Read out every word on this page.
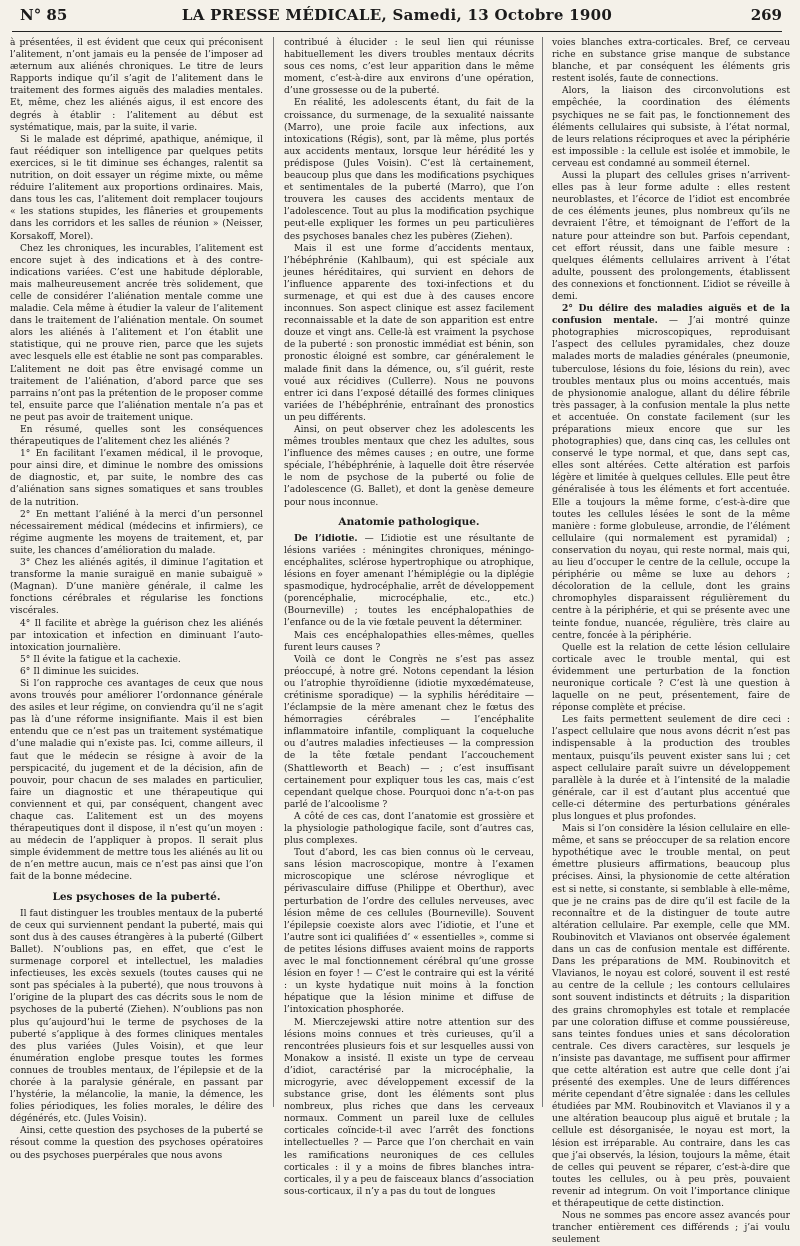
N° 85	LA PRESSE MÉDICALE, Samedi, 13 Octobre 1900	269

à présentées, il est évident que ceux qui préconisent l’alitement, n’ont jamais eu la pensée de l’imposer ad æternum aux aliénés chroniques. Le titre de leurs Rapports indique qu’il s’agit de l’alitement dans le traitement des formes aiguës des maladies mentales. Et, même, chez les aliénés aigus, il est encore des degrés à établir : l’alitement au début est systématique, mais, par la suite, il varie.

Si le malade est déprimé, apathique, anémique, il faut réédiquer son intelligence par quelques petits exercices, si le tit diminue ses échanges, ralentit sa nutrition, on doit essayer un régime mixte, ou même réduire l’alitement aux proportions ordinaires. Mais, dans tous les cas, l’alitement doit remplacer toujours « les stations stupides, les flâneries et groupements dans les corridors et les salles de réunion » (Neisser, Korsakoff, Morel).

Chez les chroniques, les incurables, l’alitement est encore sujet à des indications et à des contre-indications variées. C’est une habitude déplorable, mais malheureusement ancrée très solidement, que celle de considérer l’aliénation mentale comme une maladie. Cela même à étudier la valeur de l’alitement dans le traitement de l’aliénation mentale. On soumet alors les aliénés à l’alitement et l’on établit une statistique, qui ne prouve rien, parce que les sujets avec lesquels elle est établie ne sont pas comparables. L’alitement ne doit pas être envisagé comme un traitement de l’aliénation, d’abord parce que ses parrains n’ont pas la prétention de le proposer comme tel, ensuite parce que l’aliénation mentale n’a pas et ne peut pas avoir de traitement unique.

En résumé, quelles sont les conséquences thérapeutiques de l’alitement chez les aliénés ?

1° En facilitant l’examen médical, il le provoque, pour ainsi dire, et diminue le nombre des omissions de diagnostic, et, par suite, le nombre des cas d’aliénation sans signes somatiques et sans troubles de la nutrition.

2° En mettant l’aliéné à la merci d’un personnel nécessairement médical (médecins et infirmiers), ce régime augmente les moyens de traitement, et, par suite, les chances d’amélioration du malade.

3° Chez les aliénés agités, il diminue l’agitation et transforme la manie suraiguë en manie subaiguë » (Magnan). D’une manière générale, il calme les fonctions cérébrales et régularise les fonctions viscérales.

4° Il facilite et abrège la guérison chez les aliénés par intoxication et infection en diminuant l’auto-intoxication journalière.

5° Il évite la fatigue et la cachexie.

6° Il diminue les suicides.

Si l’on rapproche ces avantages de ceux que nous avons trouvés pour améliorer l’ordonnance générale des asiles et leur régime, on conviendra qu’il ne s’agit pas là d’une réforme insignifiante. Mais il est bien entendu que ce n’est pas un traitement systématique d’une maladie qui n’existe pas. Ici, comme ailleurs, il faut que le médecin se résigne à avoir de la perspicacité, du jugement et de la décision, afin de pouvoir, pour chacun de ses malades en particulier, faire un diagnostic et une thérapeutique qui conviennent et qui, par conséquent, changent avec chaque cas. L’alitement est un des moyens thérapeutiques dont il dispose, il n’est qu’un moyen : au médecin de l’appliquer à propos. Il serait plus simple évidemment de mettre tous les aliénés au lit ou de n’en mettre aucun, mais ce n’est pas ainsi que l’on fait de la bonne médecine.

Les psychoses de la puberté.

Il faut distinguer les troubles mentaux de la puberté de ceux qui surviennent pendant la puberté, mais qui sont dus à des causes étrangères à la puberté (Gilbert Ballet). N’oublions pas, en effet, que c’est le surmenage corporel et intellectuel, les maladies infectieuses, les excès sexuels (toutes causes qui ne sont pas spéciales à la puberté), que nous trouvons à l’origine de la plupart des cas décrits sous le nom de psychoses de la puberté (Ziehen). N’oublions pas non plus qu’aujourd’hui le terme de psychoses de la puberté s’applique à des formes cliniques mentales des plus variées (Jules Voisin), et que leur énumération englobe presque toutes les formes connues de troubles mentaux, de l’épilepsie et de la chorée à la paralysie générale, en passant par l’hystérie, la mélancolie, la manie, la démence, les folies périodiques, les folies morales, le délire des dégénérés, etc. (Jules Voisin).

Ainsi, cette question des psychoses de la puberté se résout comme la question des psychoses opératoires ou des psychoses puerpérales que nous avons

contribué à élucider : le seul lien qui réunisse habituellement les divers troubles mentaux décrits sous ces noms, c’est leur apparition dans le même moment, c’est-à-dire aux environs d’une opération, d’une grossesse ou de la puberté.

En réalité, les adolescents étant, du fait de la croissance, du surmenage, de la sexualité naissante (Marro), une proie facile aux infections, aux intoxications (Régis), sont, par là même, plus portés aux accidents mentaux, lorsque leur hérédité les y prédispose (Jules Voisin). C’est là certainement, beaucoup plus que dans les modifications psychiques et sentimentales de la puberté (Marro), que l’on trouvera les causes des accidents mentaux de l’adolescence. Tout au plus la modification psychique peut-elle expliquer les formes un peu particulières des psychoses banales chez les pubères (Ziehen).

Mais il est une forme d’accidents mentaux, l’hébéphrénie (Kahlbaum), qui est spéciale aux jeunes héréditaires, qui survient en dehors de l’influence apparente des toxi-infections et du surmenage, et qui est due à des causes encore inconnues. Son aspect clinique est assez facilement reconnaissable et la date de son apparition est entre douze et vingt ans. Celle-là est vraiment la psychose de la puberté : son pronostic immédiat est bénin, son pronostic éloigné est sombre, car généralement le malade finit dans la démence, ou, s’il guérit, reste voué aux récidives (Cullerre). Nous ne pouvons entrer ici dans l’exposé détaillé des formes cliniques variées de l’hébéphrénie, entraînant des pronostics un peu différents.

Ainsi, on peut observer chez les adolescents les mêmes troubles mentaux que chez les adultes, sous l’influence des mêmes causes ; en outre, une forme spéciale, l’hébéphrénie, à laquelle doit être réservée le nom de psychose de la puberté ou folie de l’adolescence (G. Ballet), et dont la genèse demeure pour nous inconnue.

Anatomie pathologique.

De l’idiotie. — L’idiotie est une résultante de lésions variées : méningites chroniques, méningo-encéphalites, sclérose hypertrophique ou atrophique, lésions en foyer amenant l’hémiplégie ou la diplégie spasmodique, hydrocéphalie, arrêt de développement (porencéphalie, microcéphalie, etc., etc.) (Bourneville) ; toutes les encéphalopathies de l’enfance ou de la vie fœtale peuvent la déterminer.

Mais ces encéphalopathies elles-mêmes, quelles furent leurs causes ?

Voilà ce dont le Congrès ne s’est pas assez préoccupé, à notre gré. Notons cependant la lésion ou l’atrophie thyroïdienne (idiotie myxœdémateuse, crétinisme sporadique) — la syphilis héréditaire — l’éclampsie de la mère amenant chez le fœtus des hémorragies cérébrales — l’encéphalite inflammatoire infantile, compliquant la coqueluche ou d’autres maladies infectieuses — la compression de la tête fœtale pendant l’accouchement (Shattleworth et Beach) — ; c’est insuffisant certainement pour expliquer tous les cas, mais c’est cependant quelque chose. Pourquoi donc n’a-t-on pas parlé de l’alcoolisme ?

A côté de ces cas, dont l’anatomie est grossière et la physiologie pathologique facile, sont d’autres cas, plus complexes.

Tout d’abord, les cas bien connus où le cerveau, sans lésion macroscopique, montre à l’examen microscopique une sclérose névroglique et périvasculaire diffuse (Philippe et Oberthur), avec perturbation de l’ordre des cellules nerveuses, avec lésion même de ces cellules (Bourneville). Souvent l’épilepsie coexiste alors avec l’idiotie, et l’une et l’autre sont ici qualifiées d’ « essentielles », comme si de petites lésions diffuses avaient moins de rapports avec le mal fonctionnement cérébral qu’une grosse lésion en foyer ! — C’est le contraire qui est la vérité : un kyste hydatique nuit moins à la fonction hépatique que la lésion minime et diffuse de l’intoxication phosphorée.

M. Mierczejewski attire notre attention sur des lésions moins connues et très curieuses, qu’il a rencontrées plusieurs fois et sur lesquelles aussi von Monakow a insisté. Il existe un type de cerveau d’idiot, caractérisé par la microcéphalie, la microgyrie, avec développement excessif de la substance grise, dont les éléments sont plus nombreux, plus riches que dans les cerveaux normaux. Comment un pareil luxe de cellules corticales coïncide-t-il avec l’arrêt des fonctions intellectuelles ? — Parce que l’on cherchait en vain les ramifications neuroniques de ces cellules corticales : il y a moins de fibres blanches intra-corticales, il y a peu de faisceaux blancs d’association sous-corticaux, il n’y a pas du tout de longues

voies blanches extra-corticales. Bref, ce cerveau riche en substance grise manque de substance blanche, et par conséquent les éléments gris restent isolés, faute de connections.

Alors, la liaison des circonvolutions est empêchée, la coordination des éléments psychiques ne se fait pas, le fonctionnement des éléments cellulaires qui subsiste, à l’état normal, de leurs relations réciproques et avec la périphérie est impossible : la cellule est isolée et immobile, le cerveau est condamné au sommeil éternel.

Aussi la plupart des cellules grises n’arrivent-elles pas à leur forme adulte : elles restent neuroblastes, et l’écorce de l’idiot est encombrée de ces éléments jeunes, plus nombreux qu’ils ne devraient l’être, et témoignant de l’effort de la nature pour atteindre son but. Parfois cependant, cet effort réussit, dans une faible mesure : quelques éléments cellulaires arrivent à l’état adulte, poussent des prolongements, établissent des connexions et fonctionnent. L’idiot se réveille à demi.

2° Du délire des maladies aiguës et de la confusion mentale. — J’ai montré quinze photographies microscopiques, reproduisant l’aspect des cellules pyramidales, chez douze malades morts de maladies générales (pneumonie, tuberculose, lésions du foie, lésions du rein), avec troubles mentaux plus ou moins accentués, mais de physionomie analogue, allant du délire fébrile très passager, à la confusion mentale la plus nette et accentuée. On constate facilement (sur les préparations mieux encore que sur les photographies) que, dans cinq cas, les cellules ont conservé le type normal, et que, dans sept cas, elles sont altérées. Cette altération est parfois légère et limitée à quelques cellules. Elle peut être généralisée à tous les éléments et fort accentuée. Elle a toujours la même forme, c’est-à-dire que toutes les cellules lésées le sont de la même manière : forme globuleuse, arrondie, de l’élément cellulaire (qui normalement est pyramidal) ; conservation du noyau, qui reste normal, mais qui, au lieu d’occuper le centre de la cellule, occupe la périphérie ou même se luxe au dehors ; décoloration de la cellule, dont les grains chromophyles disparaissent régulièrement du centre à la périphérie, et qui se présente avec une teinte fondue, nuancée, régulière, très claire au centre, foncée à la périphérie.

Quelle est la relation de cette lésion cellulaire corticale avec le trouble mental, qui est évidemment une perturbation de la fonction neuronique corticale ? C’est là une question à laquelle on ne peut, présentement, faire de réponse complète et précise.

Les faits permettent seulement de dire ceci : l’aspect cellulaire que nous avons décrit n’est pas indispensable à la production des troubles mentaux, puisqu’ils peuvent exister sans lui ; cet aspect cellulaire paraît suivre un développement parallèle à la durée et à l’intensité de la maladie générale, car il est d’autant plus accentué que celle-ci détermine des perturbations générales plus longues et plus profondes.

Mais si l’on considère la lésion cellulaire en elle-même, et sans se préoccuper de sa relation encore hypothétique avec le trouble mental, on peut émettre plusieurs affirmations, beaucoup plus précises. Ainsi, la physionomie de cette altération est si nette, si constante, si semblable à elle-même, que je ne crains pas de dire qu’il est facile de la reconnaître et de la distinguer de toute autre altération cellulaire. Par exemple, celle que MM. Roubinovitch et Vlavianos ont observée également dans un cas de confusion mentale est différente. Dans les préparations de MM. Roubinovitch et Vlavianos, le noyau est coloré, souvent il est resté au centre de la cellule ; les contours cellulaires sont souvent indistincts et détruits ; la disparition des grains chromophyles est totale et remplacée par une coloration diffuse et comme poussiéreuse, sans teintes fondues unies et sans décoloration centrale. Ces divers caractères, sur lesquels je n’insiste pas davantage, me suffisent pour affirmer que cette altération est autre que celle dont j’ai présenté des exemples. Une de leurs différences mérite cependant d’être signalée : dans les cellules étudiées par MM. Roubinovitch et Vlavianos il y a une altération beaucoup plus aiguë et brutale ; la cellule est désorganisée, le noyau est mort, la lésion est irréparable. Au contraire, dans les cas que j’ai observés, la lésion, toujours la même, était de celles qui peuvent se réparer, c’est-à-dire que toutes les cellules, ou à peu près, pouvaient revenir ad integrum. On voit l’importance clinique et thérapeutique de cette distinction.

Nous ne sommes pas encore assez avancés pour trancher entièrement ces différends ; j’ai voulu seulement
